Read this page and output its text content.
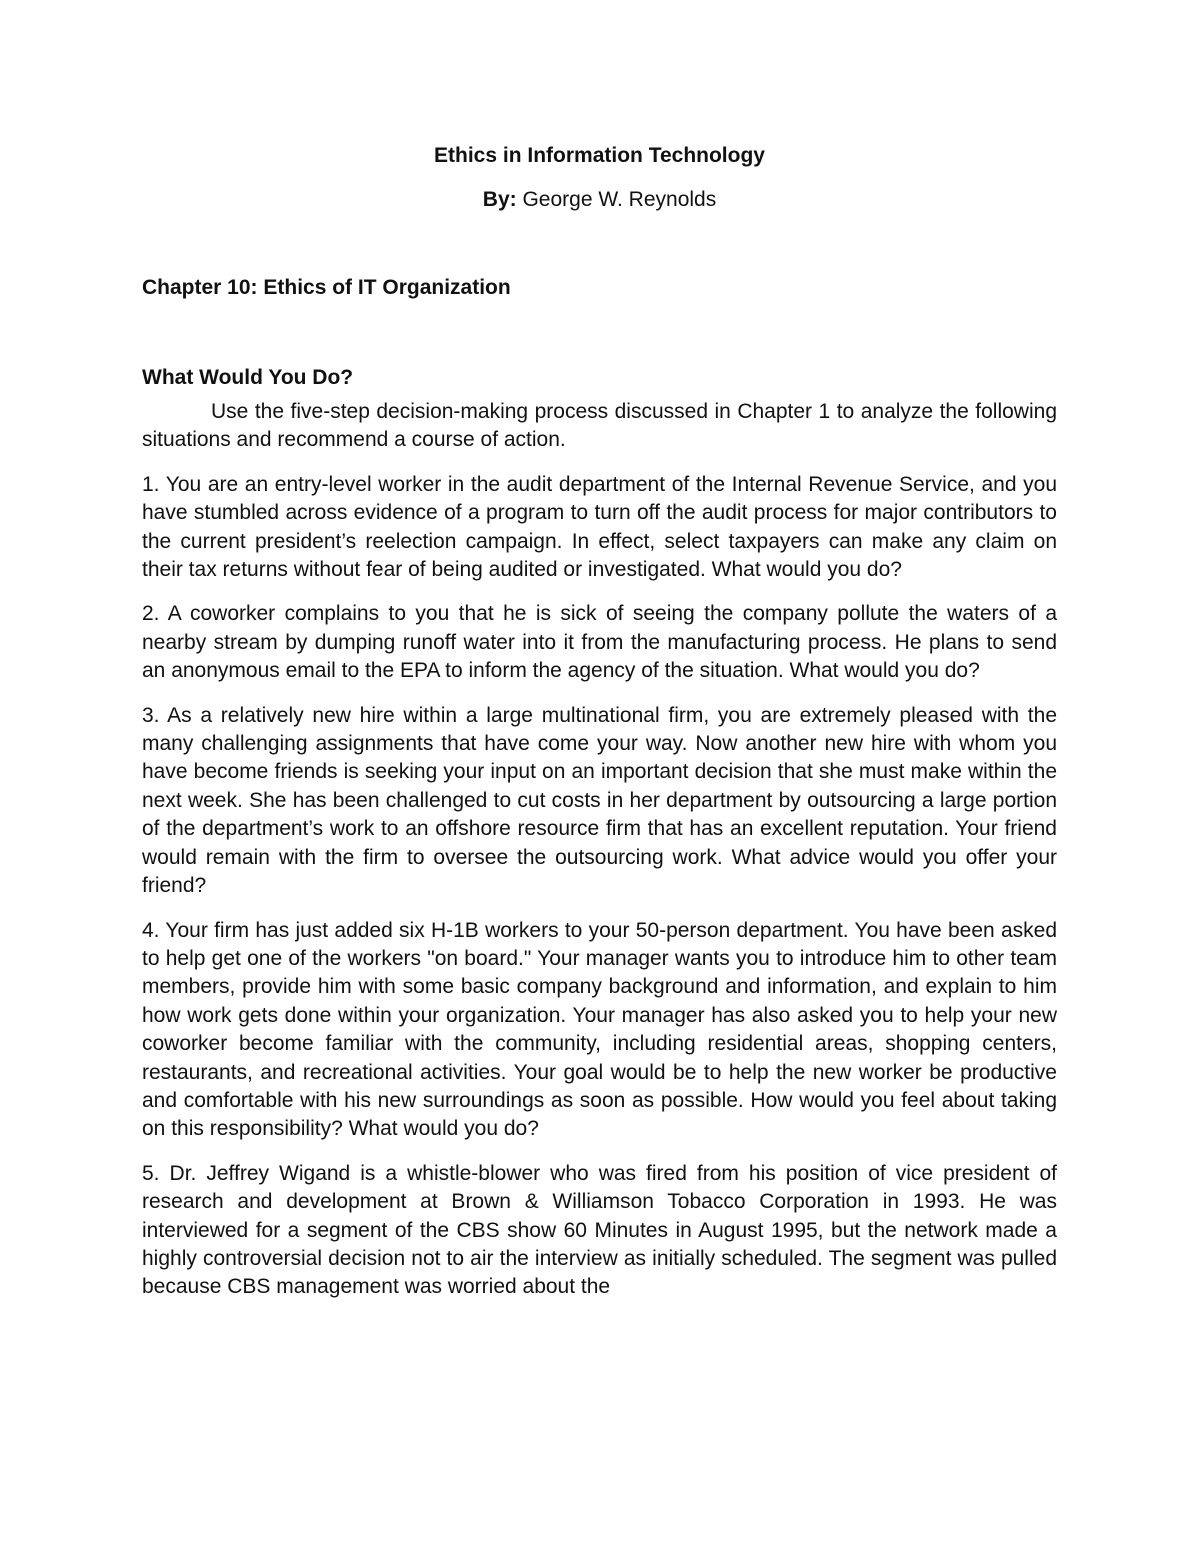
Ethics in Information Technology

By: George W. Reynolds

Chapter 10: Ethics of IT Organization
What Would You Do?

Use the five-step decision-making process discussed in Chapter 1 to analyze the following situations and recommend a course of action.

1. You are an entry-level worker in the audit department of the Internal Revenue Service, and you have stumbled across evidence of a program to turn off the audit process for major contributors to the current president’s reelection campaign. In effect, select taxpayers can make any claim on their tax returns without fear of being audited or investigated. What would you do?

2. A coworker complains to you that he is sick of seeing the company pollute the waters of a nearby stream by dumping runoff water into it from the manufacturing process. He plans to send an anonymous email to the EPA to inform the agency of the situation. What would you do?

3. As a relatively new hire within a large multinational firm, you are extremely pleased with the many challenging assignments that have come your way. Now another new hire with whom you have become friends is seeking your input on an important decision that she must make within the next week. She has been challenged to cut costs in her department by outsourcing a large portion of the department’s work to an offshore resource firm that has an excellent reputation. Your friend would remain with the firm to oversee the outsourcing work. What advice would you offer your friend?

4. Your firm has just added six H-1B workers to your 50-person department. You have been asked to help get one of the workers "on board." Your manager wants you to introduce him to other team members, provide him with some basic company background and information, and explain to him how work gets done within your organization. Your manager has also asked you to help your new coworker become familiar with the community, including residential areas, shopping centers, restaurants, and recreational activities. Your goal would be to help the new worker be productive and comfortable with his new surroundings as soon as possible. How would you feel about taking on this responsibility? What would you do?

5. Dr. Jeffrey Wigand is a whistle-blower who was fired from his position of vice president of research and development at Brown & Williamson Tobacco Corporation in 1993. He was interviewed for a segment of the CBS show 60 Minutes in August 1995, but the network made a highly controversial decision not to air the interview as initially scheduled. The segment was pulled because CBS management was worried about the
